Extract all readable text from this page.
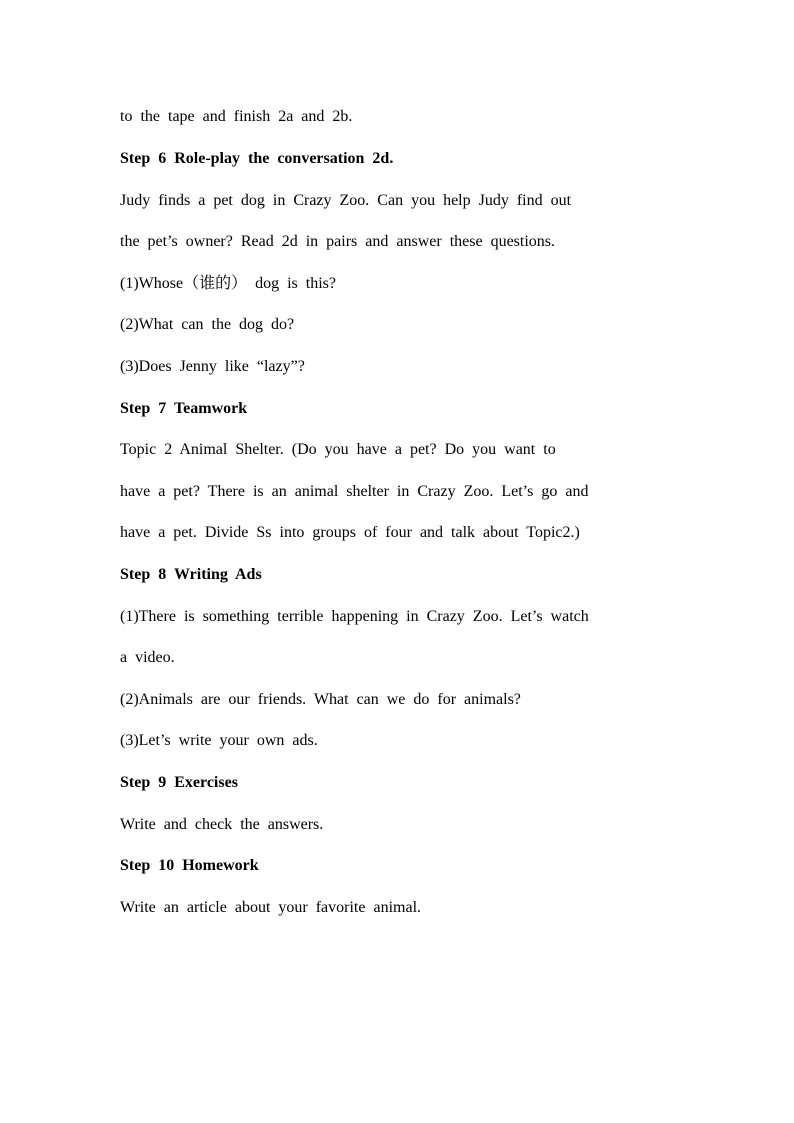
to the tape and finish 2a and 2b.
Step 6 Role-play the conversation 2d.
Judy finds a pet dog in Crazy Zoo. Can you help Judy find out
the pet’s owner? Read 2d in pairs and answer these questions.
(1)Whose（谁的） dog is this?
(2)What can the dog do?
(3)Does Jenny like “lazy”?
Step 7 Teamwork
Topic 2 Animal Shelter. (Do you have a pet? Do you want to
have a pet? There is an animal shelter in Crazy Zoo. Let’s go and
have a pet. Divide Ss into groups of four and talk about Topic2.)
Step 8 Writing Ads
(1)There is something terrible happening in Crazy Zoo. Let’s watch
a video.
(2)Animals are our friends. What can we do for animals?
(3)Let’s write your own ads.
Step 9 Exercises
Write and check the answers.
Step 10 Homework
Write an article about your favorite animal.
